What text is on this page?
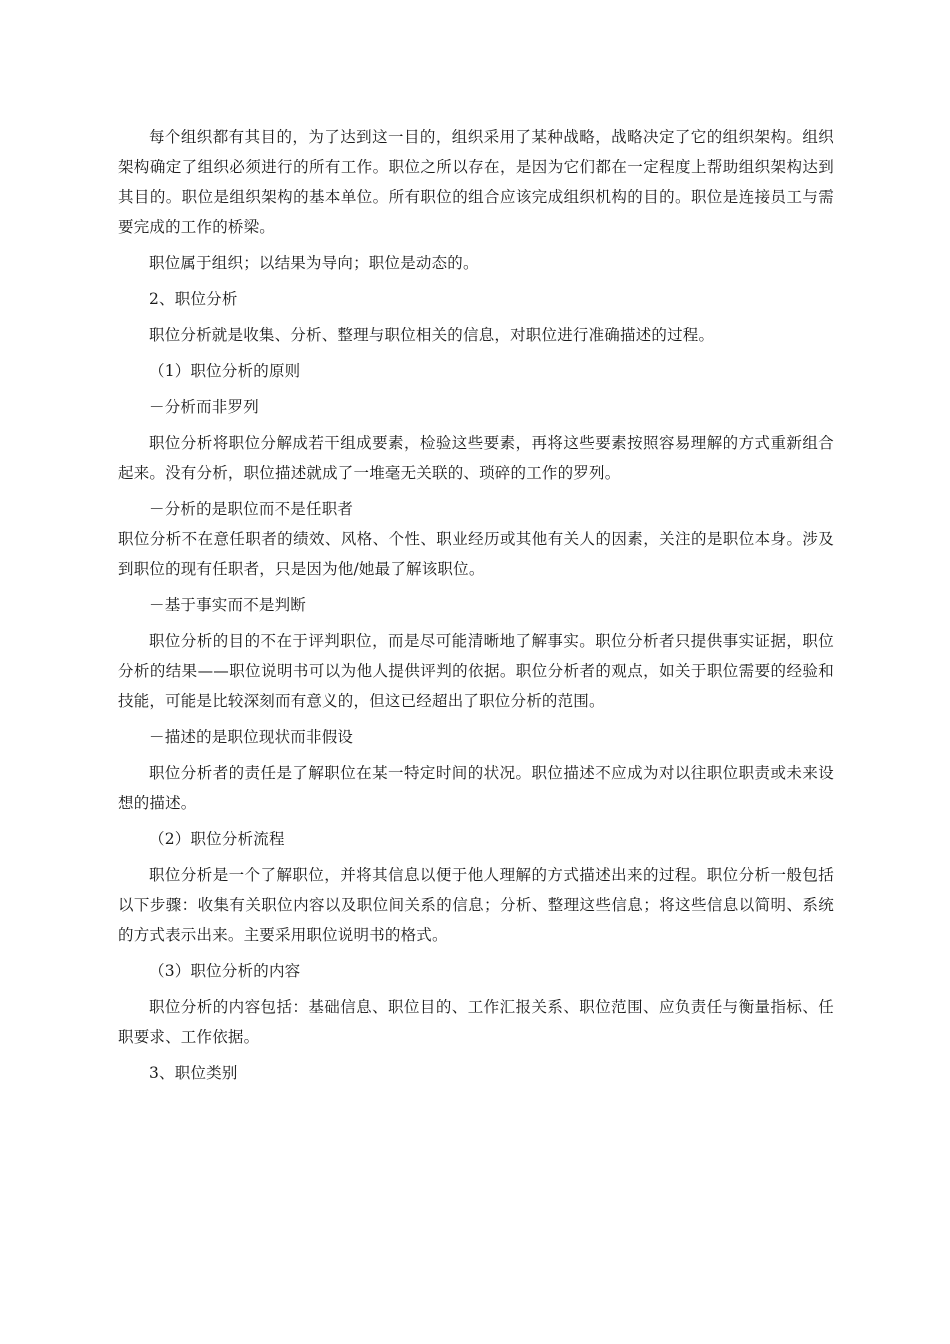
每个组织都有其目的，为了达到这一目的，组织采用了某种战略，战略决定了它的组织架构。组织架构确定了组织必须进行的所有工作。职位之所以存在，是因为它们都在一定程度上帮助组织架构达到其目的。职位是组织架构的基本单位。所有职位的组合应该完成组织机构的目的。职位是连接员工与需要完成的工作的桥梁。

职位属于组织；以结果为导向；职位是动态的。

2、职位分析

职位分析就是收集、分析、整理与职位相关的信息，对职位进行准确描述的过程。

（1）职位分析的原则

－分析而非罗列

职位分析将职位分解成若干组成要素，检验这些要素，再将这些要素按照容易理解的方式重新组合起来。没有分析，职位描述就成了一堆毫无关联的、琐碎的工作的罗列。

－分析的是职位而不是任职者

职位分析不在意任职者的绩效、风格、个性、职业经历或其他有关人的因素，关注的是职位本身。涉及到职位的现有任职者，只是因为他/她最了解该职位。

－基于事实而不是判断

职位分析的目的不在于评判职位，而是尽可能清晰地了解事实。职位分析者只提供事实证据，职位分析的结果——职位说明书可以为他人提供评判的依据。职位分析者的观点，如关于职位需要的经验和技能，可能是比较深刻而有意义的，但这已经超出了职位分析的范围。

－描述的是职位现状而非假设

职位分析者的责任是了解职位在某一特定时间的状况。职位描述不应成为对以往职位职责或未来设想的描述。

（2）职位分析流程

职位分析是一个了解职位，并将其信息以便于他人理解的方式描述出来的过程。职位分析一般包括以下步骤：收集有关职位内容以及职位间关系的信息；分析、整理这些信息；将这些信息以简明、系统的方式表示出来。主要采用职位说明书的格式。

（3）职位分析的内容

职位分析的内容包括：基础信息、职位目的、工作汇报关系、职位范围、应负责任与衡量指标、任职要求、工作依据。

3、职位类别
